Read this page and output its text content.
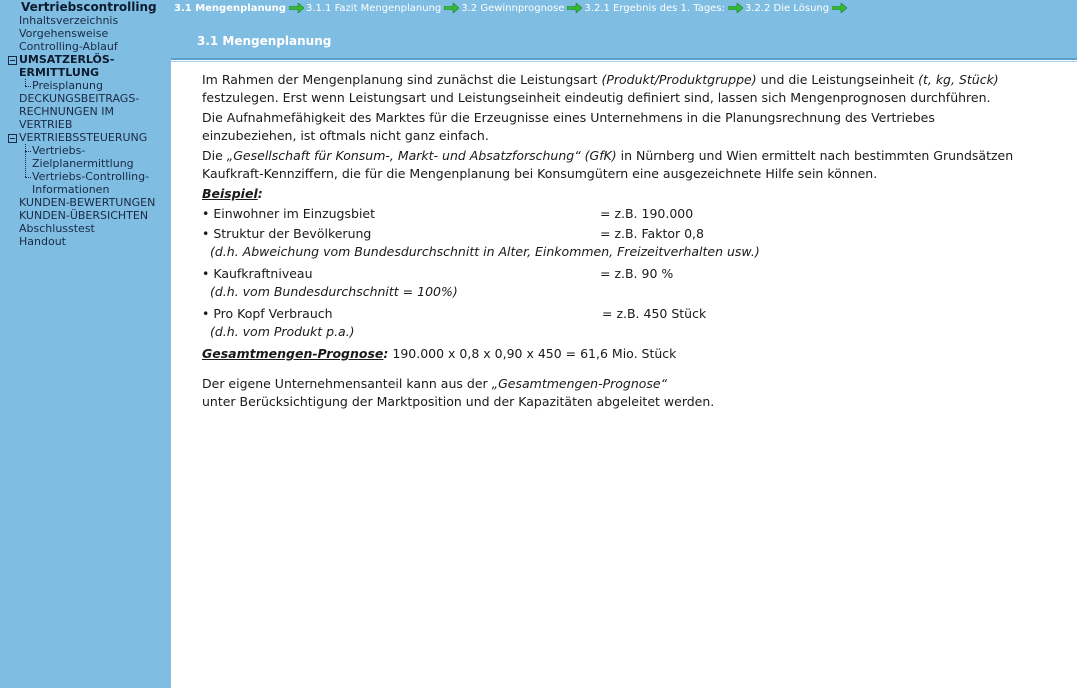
Vertriebscontrolling
Inhaltsverzeichnis
Vorgehensweise
Controlling-Ablauf
UMSATZERLÖS-
ERMITTLUNG
Preisplanung
DECKUNGSBEITRAGS-
RECHNUNGEN IM
VERTRIEB
VERTRIEBSSTEUERUNG
Vertriebs-
Zielplanermittlung
Vertriebs-Controlling-
Informationen
KUNDEN-BEWERTUNGEN
KUNDEN-ÜBERSICHTEN
Abschlusstest
Handout
3.1 Mengenplanung 3.1.1 Fazit Mengenplanung 3.2 Gewinnprognose 3.2.1 Ergebnis des 1. Tages: 3.2.2 Die Lösung
3.1 Mengenplanung

Im Rahmen der Mengenplanung sind zunächst die Leistungsart (Produkt/Produktgruppe) und die Leistungseinheit (t, kg, Stück)
festzulegen. Erst wenn Leistungsart und Leistungseinheit eindeutig definiert sind, lassen sich Mengenprognosen durchführen.

Die Aufnahmefähigkeit des Marktes für die Erzeugnisse eines Unternehmens in die Planungsrechnung des Vertriebes einzubeziehen, ist oftmals nicht ganz einfach.

Die „Gesellschaft für Konsum-, Markt- und Absatzforschung“ (GfK) in Nürnberg und Wien ermittelt nach bestimmten Grundsätzen Kaufkraft-Kennziffern, die für die Mengenplanung bei Konsumgütern eine ausgezeichnete Hilfe sein können.

Beispiel:
• Einwohner im Einzugsbiet	= z.B. 190.000
• Struktur der Bevölkerung	= z.B. Faktor 0,8
(d.h. Abweichung vom Bundesdurchschnitt in Alter, Einkommen, Freizeitverhalten usw.)
• Kaufkraftniveau	= z.B. 90 %
(d.h. vom Bundesdurchschnitt = 100%)
• Pro Kopf Verbrauch	= z.B. 450 Stück
(d.h. vom Produkt p.a.)
Gesamtmengen-Prognose: 190.000 x 0,8 x 0,90 x 450 = 61,6 Mio. Stück

Der eigene Unternehmensanteil kann aus der „Gesamtmengen-Prognose“
unter Berücksichtigung der Marktposition und der Kapazitäten abgeleitet werden.
